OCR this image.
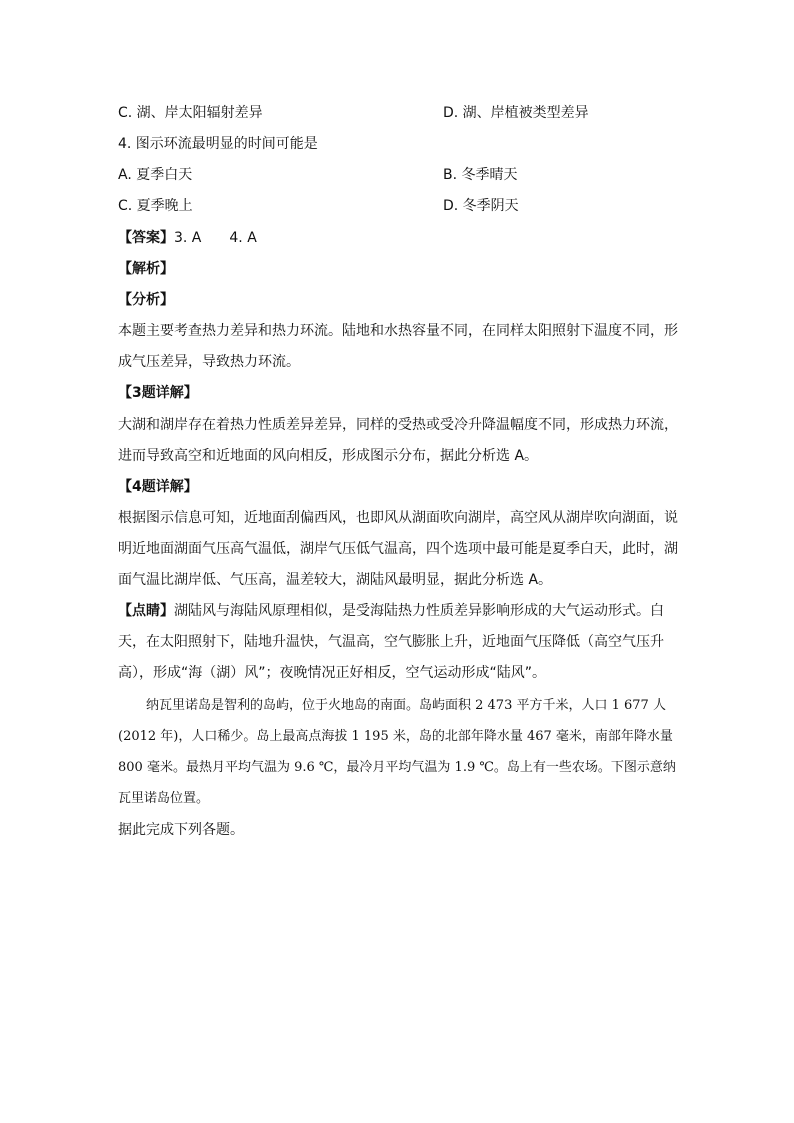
C. 湖、岸太阳辐射差异	D. 湖、岸植被类型差异
4. 图示环流最明显的时间可能是
A. 夏季白天	B. 冬季晴天
C. 夏季晚上	D. 冬季阴天
【答案】3. A　　4. A
【解析】
【分析】
本题主要考查热力差异和热力环流。陆地和水热容量不同，在同样太阳照射下温度不同，形成气压差异，导致热力环流。
【3题详解】
大湖和湖岸存在着热力性质差异差异，同样的受热或受冷升降温幅度不同，形成热力环流，进而导致高空和近地面的风向相反，形成图示分布，据此分析选 A。
【4题详解】
根据图示信息可知，近地面刮偏西风，也即风从湖面吹向湖岸，高空风从湖岸吹向湖面，说明近地面湖面气压高气温低，湖岸气压低气温高，四个选项中最可能是夏季白天，此时，湖面气温比湖岸低、气压高，温差较大，湖陆风最明显，据此分析选 A。
【点睛】湖陆风与海陆风原理相似，是受海陆热力性质差异影响形成的大气运动形式。白天，在太阳照射下，陆地升温快，气温高，空气膨胀上升，近地面气压降低（高空气压升高），形成“海（湖）风”；夜晚情况正好相反，空气运动形成“陆风”。
纳瓦里诺岛是智利的岛屿，位于火地岛的南面。岛屿面积 2 473 平方千米，人口 1 677 人(2012 年)，人口稀少。岛上最高点海拔 1 195 米，岛的北部年降水量 467 毫米，南部年降水量 800 毫米。最热月平均气温为 9.6 ℃，最冷月平均气温为 1.9 ℃。岛上有一些农场。下图示意纳瓦里诺岛位置。
据此完成下列各题。
